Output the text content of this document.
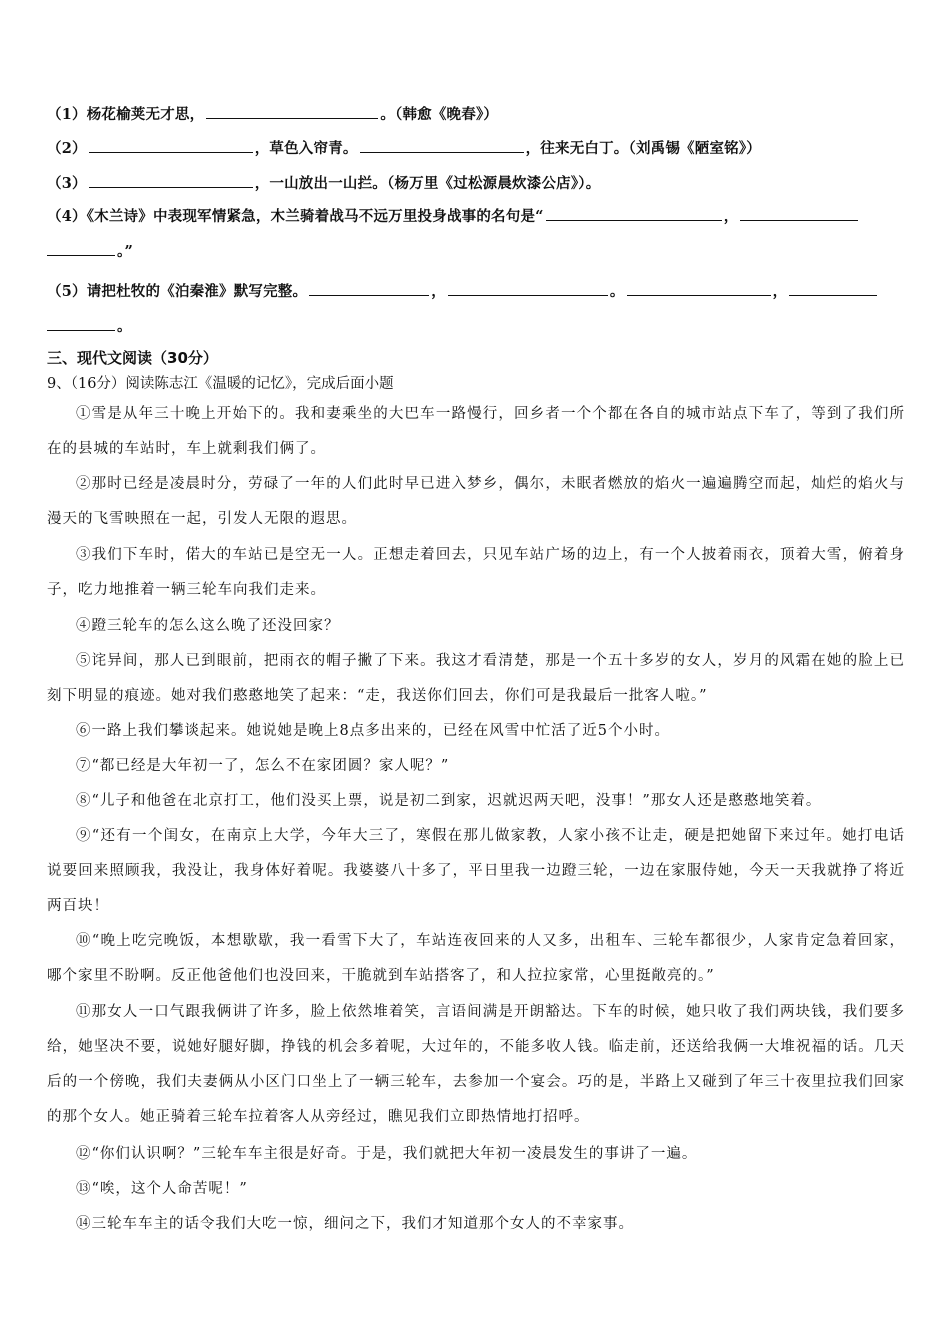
（1）杨花榆荚无才思，	。（韩愈《晚春》）
（2）	，草色入帘青。	，往来无白丁。（刘禹锡《陋室铭》）
（3）	，一山放出一山拦。（杨万里《过松源晨炊漆公店》）。
（4）《木兰诗》中表现军情紧急，木兰骑着战马不远万里投身战事的名句是“	，
。”
（5）请把杜牧的《泊秦淮》默写完整。	，	。	，
。
三、现代文阅读（30分）
9、（16分）阅读陈志江《温暖的记忆》，完成后面小题
①雪是从年三十晚上开始下的。我和妻乘坐的大巴车一路慢行，回乡者一个个都在各自的城市站点下车了，等到了我们所在的县城的车站时，车上就剩我们俩了。
②那时已经是凌晨时分，劳碌了一年的人们此时早已进入梦乡，偶尔，未眠者燃放的焰火一遍遍腾空而起，灿烂的焰火与漫天的飞雪映照在一起，引发人无限的遐思。
③我们下车时，偌大的车站已是空无一人。正想走着回去，只见车站广场的边上，有一个人披着雨衣，顶着大雪，俯着身子，吃力地推着一辆三轮车向我们走来。
④蹬三轮车的怎么这么晚了还没回家？
⑤诧异间，那人已到眼前，把雨衣的帽子撇了下来。我这才看清楚，那是一个五十多岁的女人，岁月的风霜在她的脸上已刻下明显的痕迹。她对我们憨憨地笑了起来：“走，我送你们回去，你们可是我最后一批客人啦。”
⑥一路上我们攀谈起来。她说她是晚上8点多出来的，已经在风雪中忙活了近5个小时。
⑦“都已经是大年初一了，怎么不在家团圆？家人呢？”
⑧“儿子和他爸在北京打工，他们没买上票，说是初二到家，迟就迟两天吧，没事！”那女人还是憨憨地笑着。
⑨“还有一个闺女，在南京上大学，今年大三了，寒假在那儿做家教，人家小孩不让走，硬是把她留下来过年。她打电话说要回来照顾我，我没让，我身体好着呢。我婆婆八十多了，平日里我一边蹬三轮，一边在家服侍她，今天一天我就挣了将近两百块！
⑩“晚上吃完晚饭，本想歇歇，我一看雪下大了，车站连夜回来的人又多，出租车、三轮车都很少，人家肯定急着回家，哪个家里不盼啊。反正他爸他们也没回来，干脆就到车站搭客了，和人拉拉家常，心里挺敞亮的。”
⑪那女人一口气跟我俩讲了许多，脸上依然堆着笑，言语间满是开朗豁达。下车的时候，她只收了我们两块钱，我们要多给，她坚决不要，说她好腿好脚，挣钱的机会多着呢，大过年的，不能多收人钱。临走前，还送给我俩一大堆祝福的话。几天后的一个傍晚，我们夫妻俩从小区门口坐上了一辆三轮车，去参加一个宴会。巧的是，半路上又碰到了年三十夜里拉我们回家的那个女人。她正骑着三轮车拉着客人从旁经过，瞧见我们立即热情地打招呼。
⑫“你们认识啊？”三轮车车主很是好奇。于是，我们就把大年初一凌晨发生的事讲了一遍。
⑬“唉，这个人命苦呢！”
⑭三轮车车主的话令我们大吃一惊，细问之下，我们才知道那个女人的不幸家事。
